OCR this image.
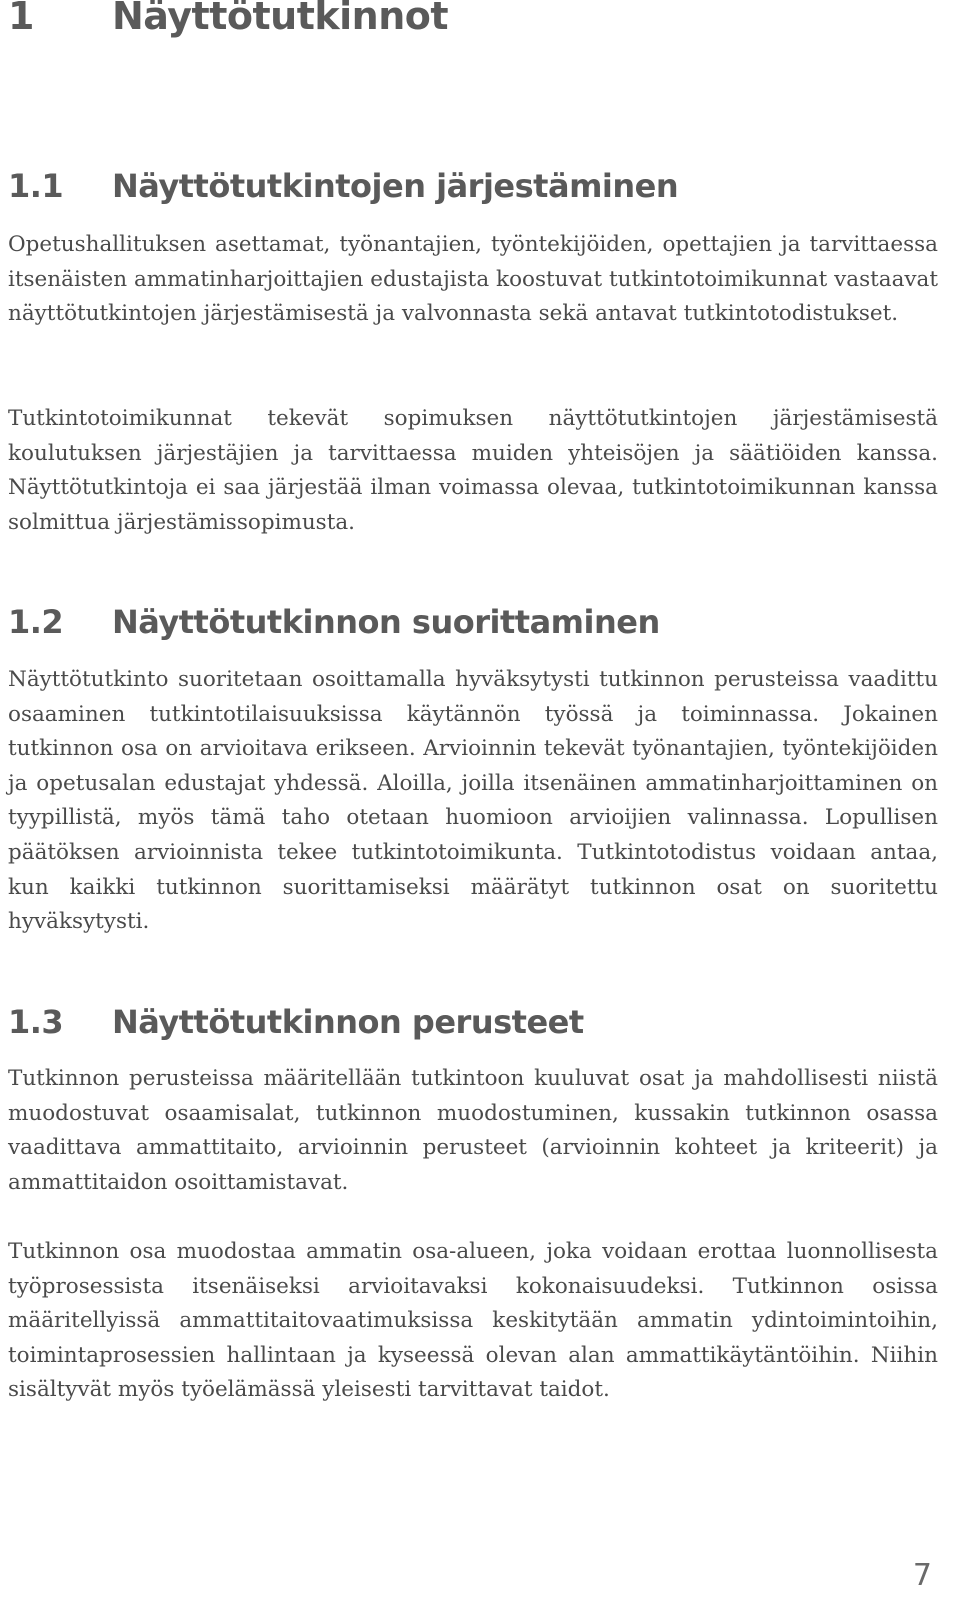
1 Näyttötutkinnot
1.1 Näyttötutkintojen järjestäminen

Opetushallituksen asettamat, työnantajien, työntekijöiden, opettajien ja tarvittaessa itsenäisten ammatinharjoittajien edustajista koostuvat tutkintotoimikunnat vastaavat näyttötutkintojen järjestämisestä ja valvonnasta sekä antavat tutkintotodistukset.

Tutkintotoimikunnat tekevät sopimuksen näyttötutkintojen järjestämisestä koulutuksen järjestäjien ja tarvittaessa muiden yhteisöjen ja säätiöiden kanssa. Näyttötutkintoja ei saa järjestää ilman voimassa olevaa, tutkintotoimikunnan kanssa solmittua järjestämissopimusta.

1.2 Näyttötutkinnon suorittaminen

Näyttötutkinto suoritetaan osoittamalla hyväksytysti tutkinnon perusteissa vaadittu osaaminen tutkintotilaisuuksissa käytännön työssä ja toiminnassa. Jokainen tutkinnon osa on arvioitava erikseen. Arvioinnin tekevät työnantajien, työntekijöiden ja opetusalan edustajat yhdessä. Aloilla, joilla itsenäinen ammatinharjoittaminen on tyypillistä, myös tämä taho otetaan huomioon arvioijien valinnassa. Lopullisen päätöksen arvioinnista tekee tutkintotoimikunta. Tutkintotodistus voidaan antaa, kun kaikki tutkinnon suorittamiseksi määrätyt tutkinnon osat on suoritettu hyväksytysti.

1.3 Näyttötutkinnon perusteet

Tutkinnon perusteissa määritellään tutkintoon kuuluvat osat ja mahdollisesti niistä muodostuvat osaamisalat, tutkinnon muodostuminen, kussakin tutkinnon osassa vaadittava ammattitaito, arvioinnin perusteet (arvioinnin kohteet ja kriteerit) ja ammattitaidon osoittamistavat.

Tutkinnon osa muodostaa ammatin osa-alueen, joka voidaan erottaa luonnollisesta työprosessista itsenäiseksi arvioitavaksi kokonaisuudeksi. Tutkinnon osissa määritellyissä ammattitaitovaatimuksissa keskitytään ammatin ydintoimintoihin, toimintaprosessien hallintaan ja kyseessä olevan alan ammattikäytäntöihin. Niihin sisältyvät myös työelämässä yleisesti tarvittavat taidot.

7
